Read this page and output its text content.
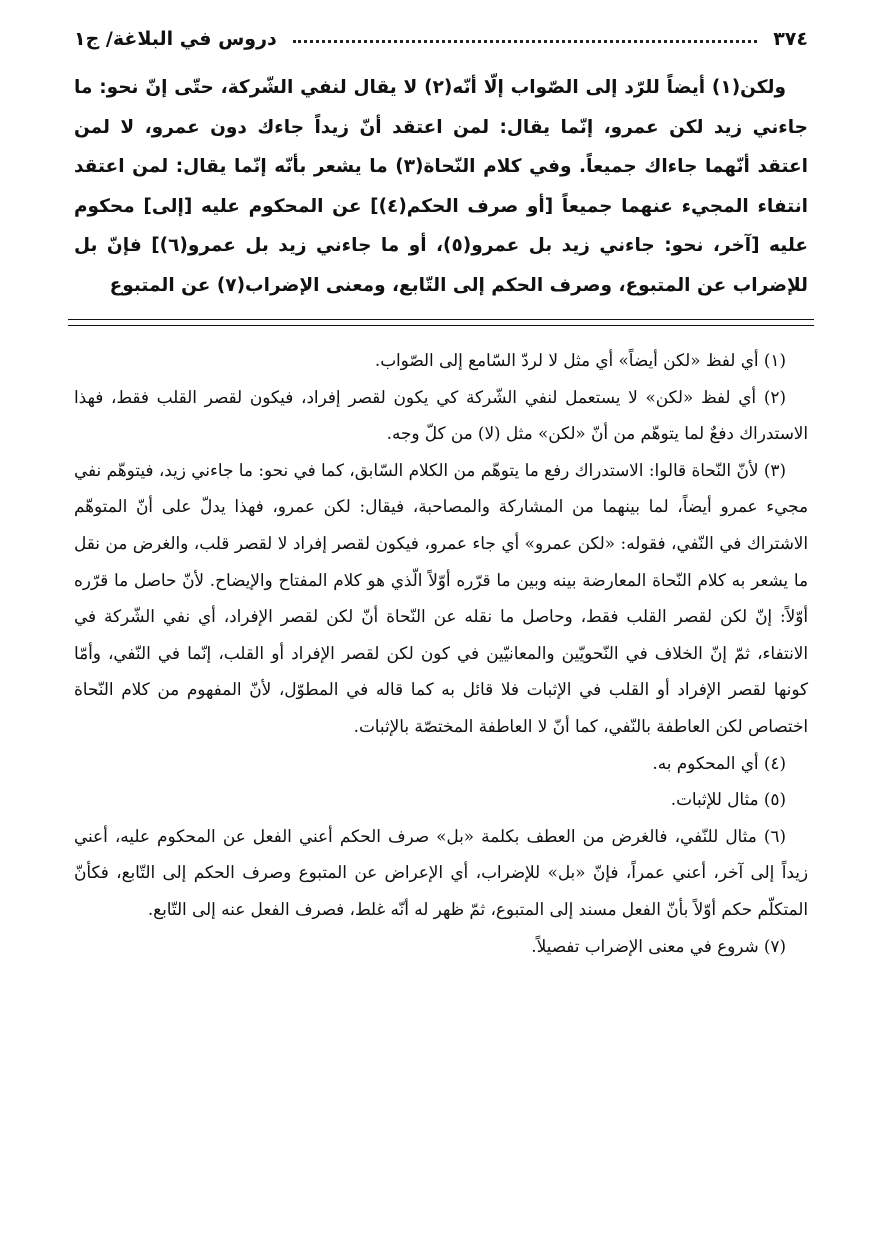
٣٧٤
دروس في البلاغة/ ج١

ولكن(١) أيضاً للرّد إلى الصّواب إلّا أنّه(٢) لا يقال لنفي الشّركة، حتّى إنّ نحو: ما جاءني زيد لكن عمرو، إنّما يقال: لمن اعتقد أنّ زيداً جاءك دون عمرو، لا لمن اعتقد أنّهما جاءاك جميعاً. وفي كلام النّحاة(٣) ما يشعر بأنّه إنّما يقال: لمن اعتقد انتفاء المجيء عنهما جميعاً [أو صرف الحكم(٤)] عن المحكوم عليه [إلى] محكوم عليه [آخر، نحو: جاءني زيد بل عمرو(٥)، أو ما جاءني زيد بل عمرو(٦)] فإنّ بل للإضراب عن المتبوع، وصرف الحكم إلى التّابع، ومعنى الإضراب(٧) عن المتبوع

(١) أي لفظ «لكن أيضاً» أي مثل لا لردّ السّامع إلى الصّواب.

(٢) أي لفظ «لكن» لا يستعمل لنفي الشّركة كي يكون لقصر إفراد، فيكون لقصر القلب فقط، فهذا الاستدراك دفعٌ لما يتوهّم من أنّ «لكن» مثل (لا) من كلّ وجه.

(٣) لأنّ النّحاة قالوا: الاستدراك رفع ما يتوهّم من الكلام السّابق، كما في نحو: ما جاءني زيد، فيتوهّم نفي مجيء عمرو أيضاً، لما بينهما من المشاركة والمصاحبة، فيقال: لكن عمرو، فهذا يدلّ على أنّ المتوهّم الاشتراك في النّفي، فقوله: «لكن عمرو» أي جاء عمرو، فيكون لقصر إفراد لا لقصر قلب، والغرض من نقل ما يشعر به كلام النّحاة المعارضة بينه وبين ما قرّره أوّلاً الّذي هو كلام المفتاح والإيضاح. لأنّ حاصل ما قرّره أوّلاً: إنّ لكن لقصر القلب فقط، وحاصل ما نقله عن النّحاة أنّ لكن لقصر الإفراد، أي نفي الشّركة في الانتفاء، ثمّ إنّ الخلاف في النّحويّين والمعانيّين في كون لكن لقصر الإفراد أو القلب، إنّما في النّفي، وأمّا كونها لقصر الإفراد أو القلب في الإثبات فلا قائل به كما قاله في المطوّل، لأنّ المفهوم من كلام النّحاة اختصاص لكن العاطفة بالنّفي، كما أنّ لا العاطفة المختصّة بالإثبات.

(٤) أي المحكوم به.

(٥) مثال للإثبات.

(٦) مثال للنّفي، فالغرض من العطف بكلمة «بل» صرف الحكم أعني الفعل عن المحكوم عليه، أعني زيداً إلى آخر، أعني عمراً، فإنّ «بل» للإضراب، أي الإعراض عن المتبوع وصرف الحكم إلى التّابع، فكأنّ المتكلّم حكم أوّلاً بأنّ الفعل مسند إلى المتبوع، ثمّ ظهر له أنّه غلط، فصرف الفعل عنه إلى التّابع.

(٧) شروع في معنى الإضراب تفصيلاً.
